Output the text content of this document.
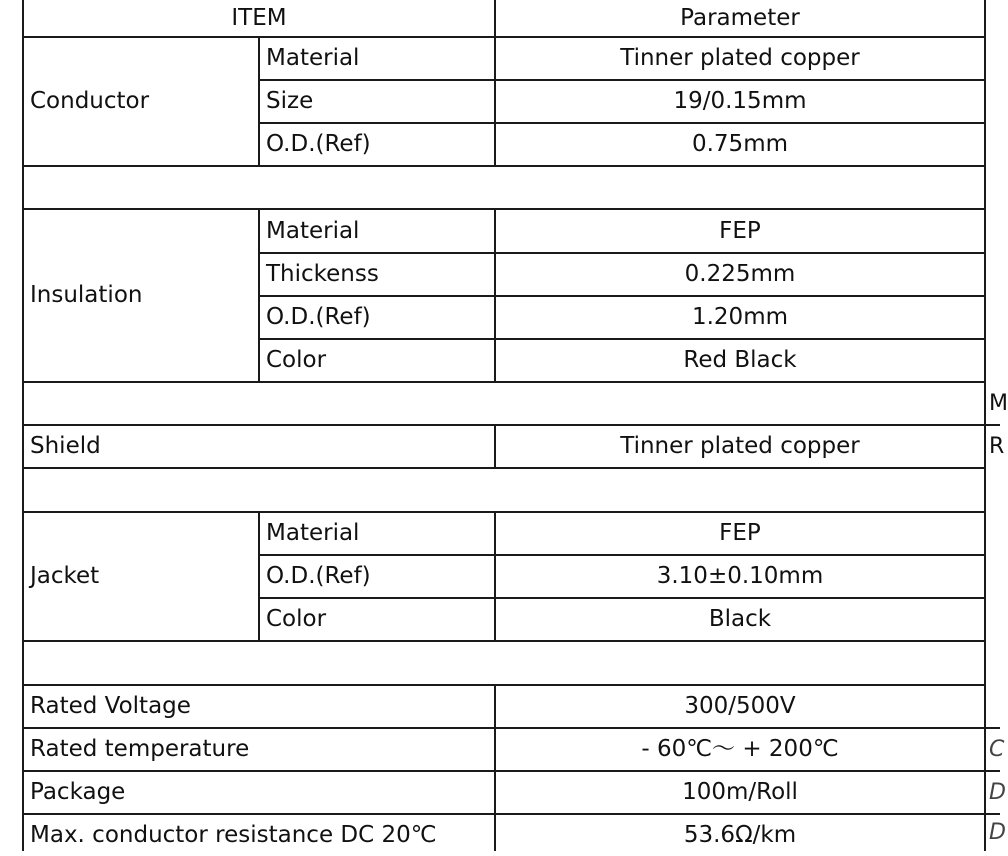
ITEM	Parameter
Conductor
Material	Tinner plated copper
Size	19/0.15mm
O.D.(Ref)	0.75mm
Insulation
Material	FEP
Thickenss	0.225mm
O.D.(Ref)	1.20mm
Color	Red Black
Shield	Tinner plated copper
Jacket
Material	FEP
O.D.(Ref)	3.10±0.10mm
Color	Black
Rated Voltage	300/500V
Rated temperature	- 60℃～ + 200℃
Package	100m/Roll
Max. conductor resistance DC 20℃	53.6Ω/km
M
R
C
D
D
